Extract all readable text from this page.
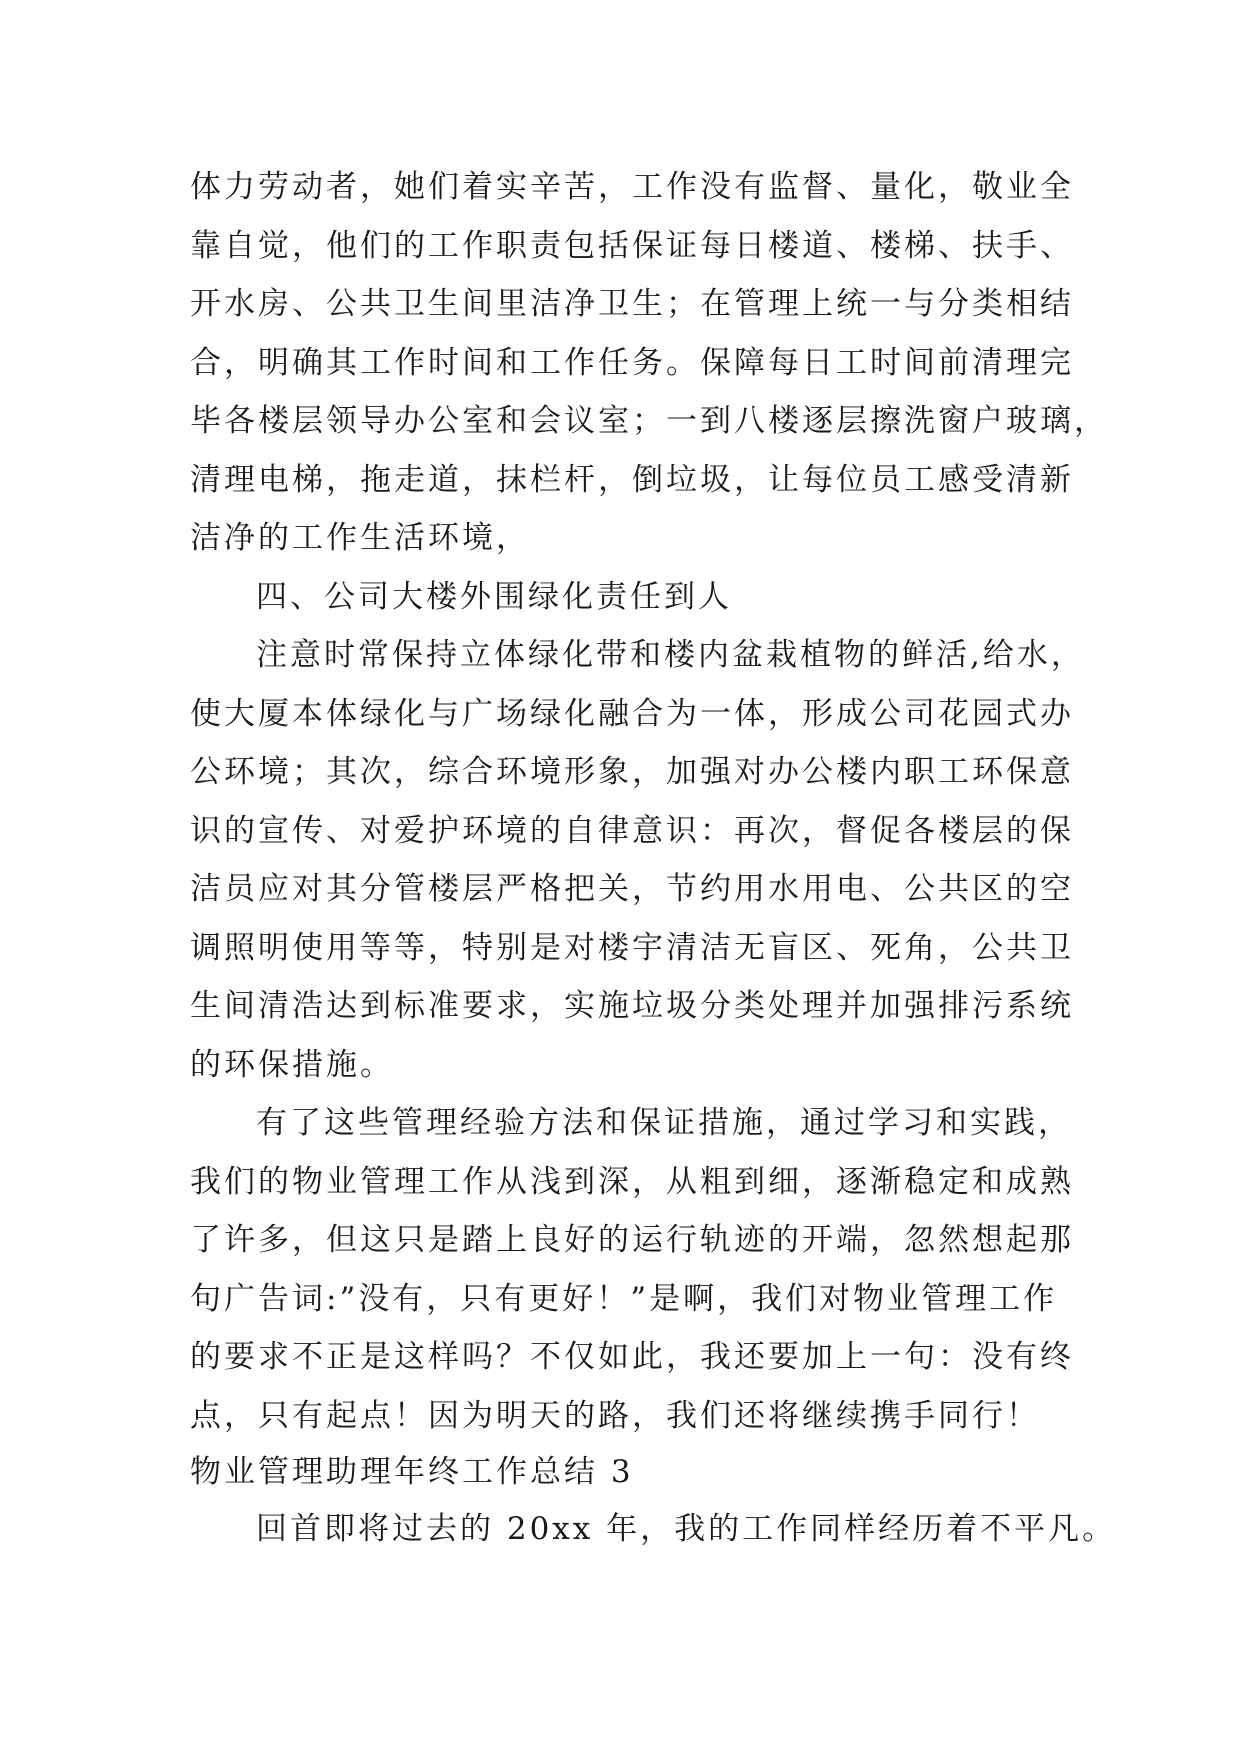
体力劳动者，她们着实辛苦，工作没有监督、量化，敬业全
靠自觉，他们的工作职责包括保证每日楼道、楼梯、扶手、
开水房、公共卫生间里洁净卫生；在管理上统一与分类相结
合，明确其工作时间和工作任务。保障每日工时间前清理完
毕各楼层领导办公室和会议室；一到八楼逐层擦洗窗户玻璃，
清理电梯，拖走道，抹栏杆，倒垃圾，让每位员工感受清新
洁净的工作生活环境，
四、公司大楼外围绿化责任到人
注意时常保持立体绿化带和楼内盆栽植物的鲜活,给水，
使大厦本体绿化与广场绿化融合为一体，形成公司花园式办
公环境；其次，综合环境形象，加强对办公楼内职工环保意
识的宣传、对爱护环境的自律意识：再次，督促各楼层的保
洁员应对其分管楼层严格把关，节约用水用电、公共区的空
调照明使用等等，特别是对楼宇清洁无盲区、死角，公共卫
生间清浩达到标准要求，实施垃圾分类处理并加强排污系统
的环保措施。
有了这些管理经验方法和保证措施，通过学习和实践，
我们的物业管理工作从浅到深，从粗到细，逐渐稳定和成熟
了许多，但这只是踏上良好的运行轨迹的开端，忽然想起那
句广告词:”没有，只有更好！”是啊，我们对物业管理工作
的要求不正是这样吗？不仅如此，我还要加上一句：没有终
点，只有起点！因为明天的路，我们还将继续携手同行！
物业管理助理年终工作总结 3
回首即将过去的 20xx 年，我的工作同样经历着不平凡。
